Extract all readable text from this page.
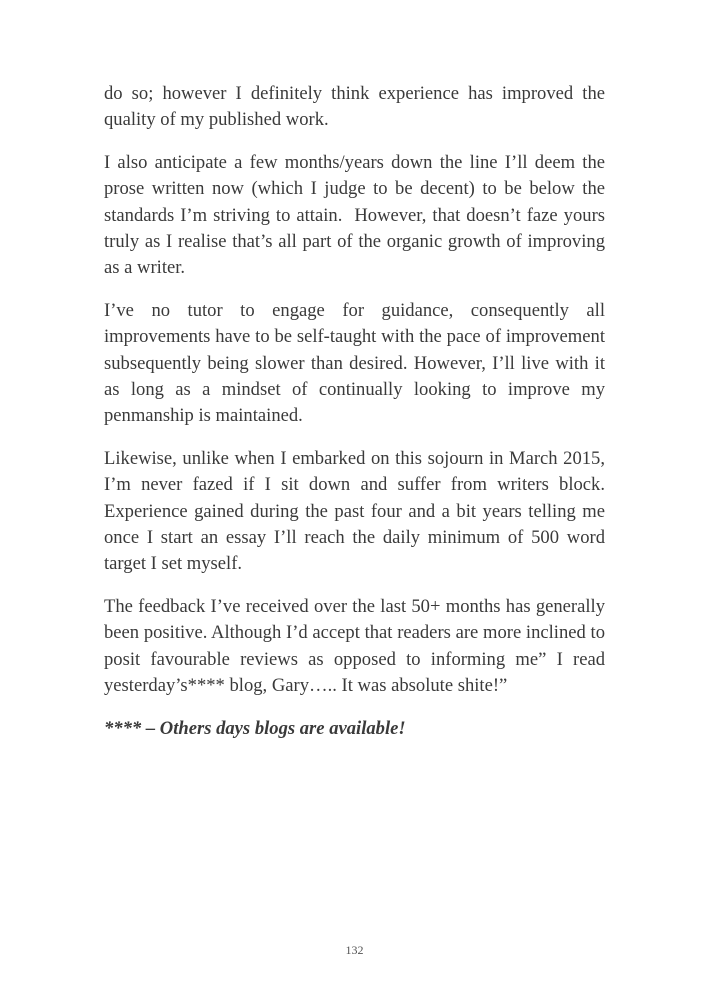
do so; however I definitely think experience has improved the quality of my published work.

I also anticipate a few months/years down the line I’ll deem the prose written now (which I judge to be decent) to be below the standards I’m striving to attain.  However, that doesn’t faze yours truly as I realise that’s all part of the organic growth of improving as a writer.

I’ve no tutor to engage for guidance, consequently all improvements have to be self-taught with the pace of improvement subsequently being slower than desired. However, I’ll live with it as long as a mindset of continually looking to improve my penmanship is maintained.

Likewise, unlike when I embarked on this sojourn in March 2015, I’m never fazed if I sit down and suffer from writers block. Experience gained during the past four and a bit years telling me once I start an essay I’ll reach the daily minimum of 500 word target I set myself.

The feedback I’ve received over the last 50+ months has generally been positive. Although I’d accept that readers are more inclined to posit favourable reviews as opposed to informing me” I read yesterday’s**** blog, Gary….. It was absolute shite!”

**** – Others days blogs are available!

132
